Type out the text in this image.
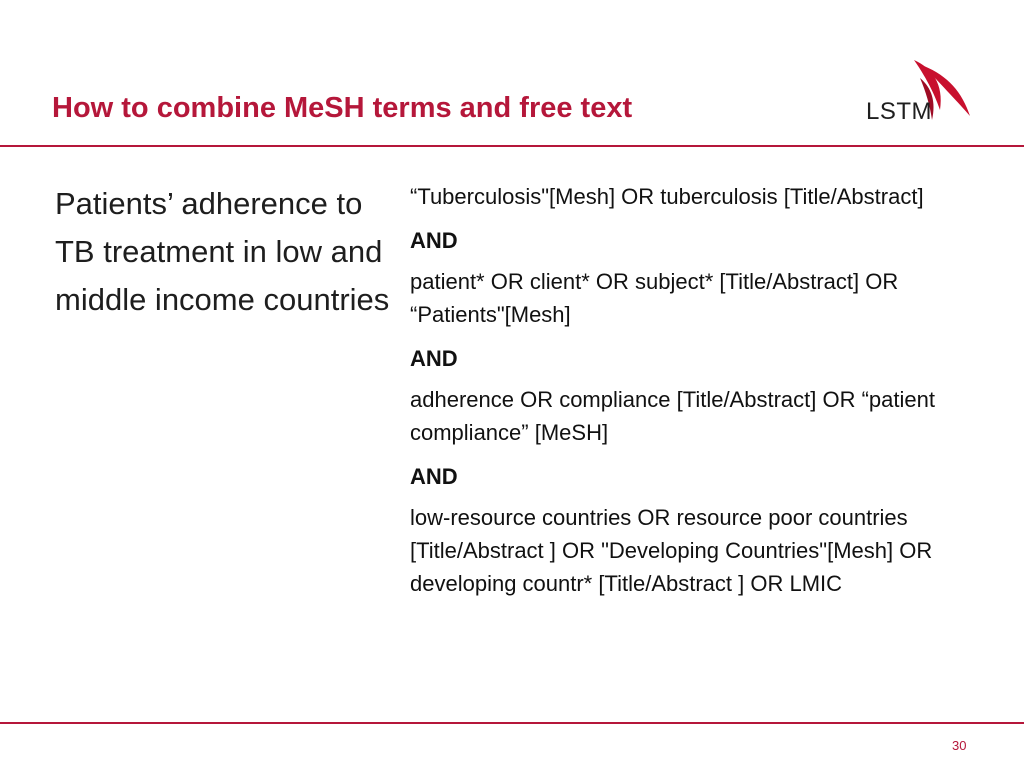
How to combine MeSH terms and free text	LSTM
Patients’ adherence to TB treatment in low and middle income countries

“Tuberculosis"[Mesh] OR tuberculosis [Title/Abstract]

AND

patient* OR client* OR subject* [Title/Abstract] OR “Patients"[Mesh]

AND

adherence OR compliance [Title/Abstract] OR “patient compliance” [MeSH]

AND

low-resource countries OR resource poor countries [Title/Abstract ] OR "Developing Countries"[Mesh] OR developing countr* [Title/Abstract ] OR LMIC

30
